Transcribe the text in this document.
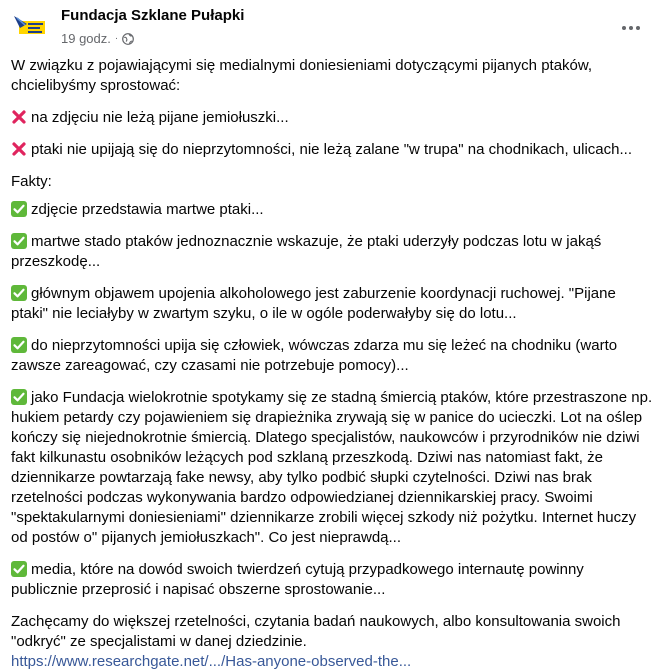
Fundacja Szklane Pułapki
19 godz. ·

W związku z pojawiającymi się medialnymi doniesieniami dotyczącymi pijanych ptaków, chcielibyśmy sprostować:

na zdjęciu nie leżą pijane jemiołuszki...

ptaki nie upijają się do nieprzytomności, nie leżą zalane "w trupa" na chodnikach, ulicach...

Fakty:

zdjęcie przedstawia martwe ptaki...

martwe stado ptaków jednoznacznie wskazuje, że ptaki uderzyły podczas lotu w jakąś przeszkodę...

głównym objawem upojenia alkoholowego jest zaburzenie koordynacji ruchowej. "Pijane ptaki" nie leciałyby w zwartym szyku, o ile w ogóle poderwałyby się do lotu...

do nieprzytomności upija się człowiek, wówczas zdarza mu się leżeć na chodniku (warto zawsze zareagować, czy czasami nie potrzebuje pomocy)...

jako Fundacja wielokrotnie spotykamy się ze stadną śmiercią ptaków, które przestraszone np. hukiem petardy czy pojawieniem się drapieżnika zrywają się w panice do ucieczki. Lot na oślep kończy się niejednokrotnie śmiercią. Dlatego specjalistów, naukowców i przyrodników nie dziwi fakt kilkunastu osobników leżących pod szklaną przeszkodą. Dziwi nas natomiast fakt, że dziennikarze powtarzają fake newsy, aby tylko podbić słupki czytelności. Dziwi nas brak rzetelności podczas wykonywania bardzo odpowiedzianej dziennikarskiej pracy. Swoimi "spektakularnymi doniesieniami" dziennikarze zrobili więcej szkody niż pożytku. Internet huczy od postów o" pijanych jemiołuszkach". Co jest nieprawdą...

media, które na dowód swoich twierdzeń cytują przypadkowego internautę powinny publicznie przeprosić i napisać obszerne sprostowanie...

Zachęcamy do większej rzetelności, czytania badań naukowych, albo konsultowania swoich "odkryć" ze specjalistami w danej dziedzinie.
https://www.researchgate.net/.../Has-anyone-observed-the...
